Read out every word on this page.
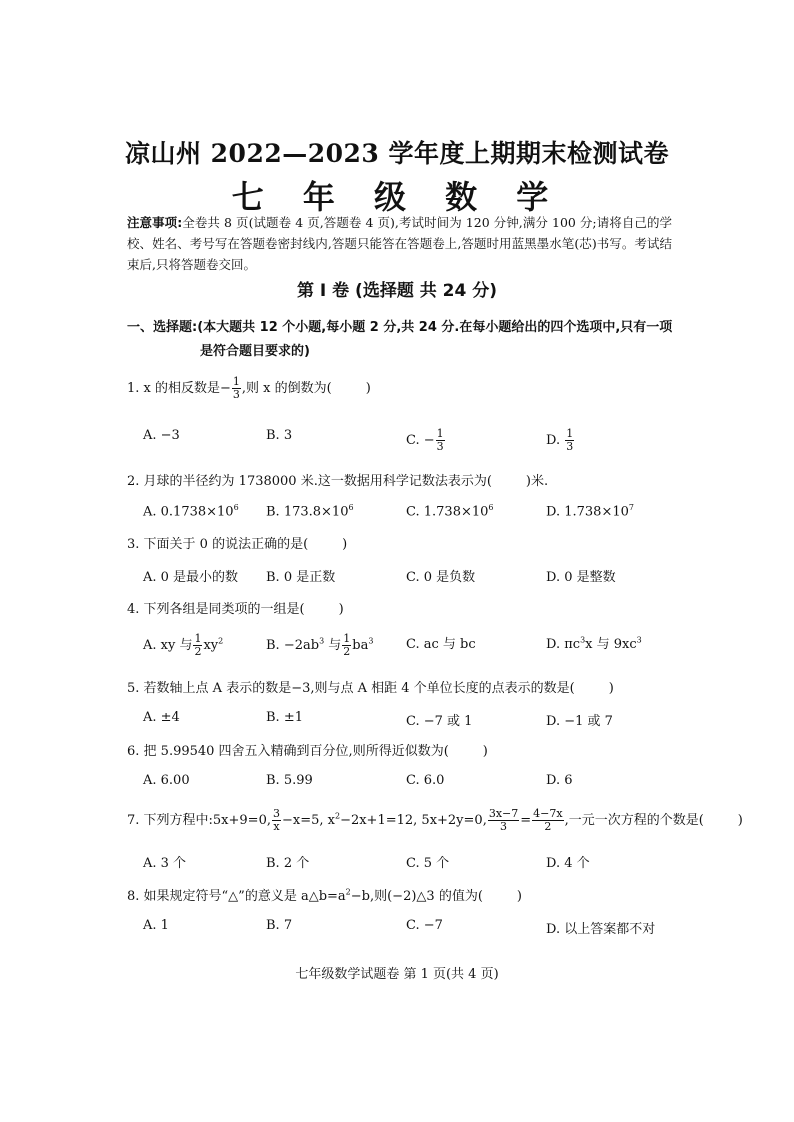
凉山州 2022—2023 学年度上期期末检测试卷
七 年 级 数 学
注意事项:全卷共 8 页(试题卷 4 页,答题卷 4 页),考试时间为 120 分钟,满分 100 分;请将自己的学校、姓名、考号写在答题卷密封线内,答题只能答在答题卷上,答题时用蓝黑墨水笔(芯)书写。考试结束后,只将答题卷交回。
第 Ⅰ 卷 (选择题 共 24 分)
一、选择题:(本大题共 12 个小题,每小题 2 分,共 24 分.在每小题给出的四个选项中,只有一项
是符合题目要求的)
1. x 的相反数是− $\frac{1}{3}$ ,则 x 的倒数为(	)
A. −3	B. 3	C. − $\frac{1}{3}$	D. $\frac{1}{3}$
2. 月球的半径约为 1738000 米.这一数据用科学记数法表示为(	)米.
A. $0.1738\times 10^6$ B. $173.8\times 10^6$	C. $1.738\times 10^6$	D. $1.738\times 10^7$
3. 下面关于 0 的说法正确的是(	)
A. 0 是最小的数 B. 0 是正数	C. 0 是负数	D. 0 是整数
4. 下列各组是同类项的一组是(	)
A. xy 与 $\frac{1}{2} xy^2$	B. $-2ab^3$ 与 $\frac{1}{2} ba^3$	C. ac 与 bc	D. $\pi c^3x$ 与 $9xc^3$
5. 若数轴上点 A 表示的数是−3,则与点 A 相距 4 个单位长度的点表示的数是(	)
A. ±4	B. ±1	C. −7 或 1	D. −1 或 7
6. 把 5.99540 四舍五入精确到百分位,则所得近似数为(	)
A. 6.00	B. 5.99	C. 6.0	D. 6
7. 下列方程中:5x+9=0, $\frac{3}{x} -x=5$, $x^2-2x+1=12$, 5x+2y=0, $\frac{3x-7}{3} = \frac{4-7x}{2}$ ,一元一次方程的个数是(	)
A. 3 个	B. 2 个	C. 5 个	D. 4 个
8. 如果规定符号“△”的意义是 $a\triangle b=a^2-b$,则(−2)△3 的值为(	)
A. 1	B. 7	C. −7	D. 以上答案都不对
七年级数学试题卷 第 1 页(共 4 页)
